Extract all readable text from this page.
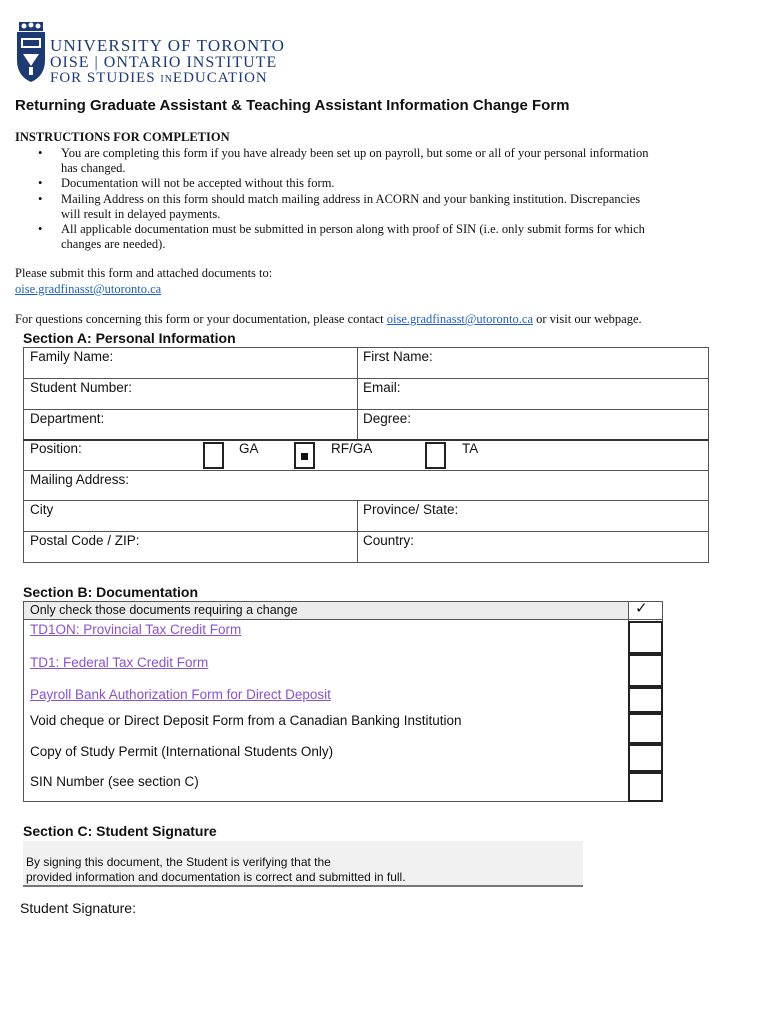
UNIVERSITY OF TORONTO
OISE | ONTARIO INSTITUTE
FOR STUDIES INEDUCATION
Returning Graduate Assistant & Teaching Assistant Information Change Form
INSTRUCTIONS FOR COMPLETION
• You are completing this form if you have already been set up on payroll, but some or all of your personal information
has changed.
• Documentation will not be accepted without this form.
• Mailing Address on this form should match mailing address in ACORN and your banking institution. Discrepancies
will result in delayed payments.
• All applicable documentation must be submitted in person along with proof of SIN (i.e. only submit forms for which
changes are needed).
Please submit this form and attached documents to:
oise.gradfinasst@utoronto.ca
For questions concerning this form or your documentation, please contact oise.gradfinasst@utoronto.ca or visit our webpage.
Section A: Personal Information
Family Name:	First Name:
Student Number:	Email:
Department:	Degree:
Position:	GA	RF/GA	TA
Mailing Address:
City	Province/ State:
Postal Code / ZIP:	Country:
Section B: Documentation
Only check those documents requiring a change	✓
TD1ON: Provincial Tax Credit Form
TD1: Federal Tax Credit Form
Payroll Bank Authorization Form for Direct Deposit
Void cheque or Direct Deposit Form from a Canadian Banking Institution
Copy of Study Permit (International Students Only)
SIN Number (see section C)
Section C: Student Signature
By signing this document, the Student is verifying that the
provided information and documentation is correct and submitted in full.
Student Signature:
